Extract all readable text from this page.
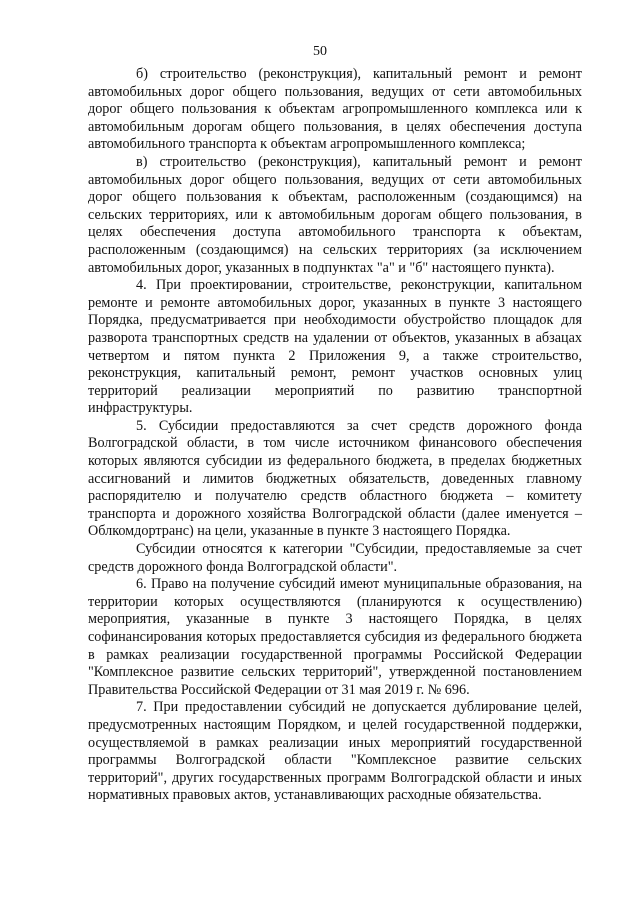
50

б) строительство (реконструкция), капитальный ремонт и ремонт автомобильных дорог общего пользования, ведущих от сети автомобильных дорог общего пользования к объектам агропромышленного комплекса или к автомобильным дорогам общего пользования, в целях обеспечения доступа автомобильного транспорта к объектам агропромышленного комплекса;

в) строительство (реконструкция), капитальный ремонт и ремонт автомобильных дорог общего пользования, ведущих от сети автомобильных дорог общего пользования к объектам, расположенным (создающимся) на сельских территориях, или к автомобильным дорогам общего пользования, в целях обеспечения доступа автомобильного транспорта к объектам, расположенным (создающимся) на сельских территориях (за исключением автомобильных дорог, указанных в подпунктах "а" и "б" настоящего пункта).

4. При проектировании, строительстве, реконструкции, капитальном ремонте и ремонте автомобильных дорог, указанных в пункте 3 настоящего Порядка, предусматривается при необходимости обустройство площадок для разворота транспортных средств на удалении от объектов, указанных в абзацах четвертом и пятом пункта 2 Приложения 9, а также строительство, реконструкция, капитальный ремонт, ремонт участков основных улиц территорий реализации мероприятий по развитию транспортной инфраструктуры.

5. Субсидии предоставляются за счет средств дорожного фонда Волгоградской области, в том числе источником финансового обеспечения которых являются субсидии из федерального бюджета, в пределах бюджетных ассигнований и лимитов бюджетных обязательств, доведенных главному распорядителю и получателю средств областного бюджета – комитету транспорта и дорожного хозяйства Волгоградской области (далее именуется – Облкомдортранс) на цели, указанные в пункте 3 настоящего Порядка.

Субсидии относятся к категории "Субсидии, предоставляемые за счет средств дорожного фонда Волгоградской области".

6. Право на получение субсидий имеют муниципальные образования, на территории которых осуществляются (планируются к осуществлению) мероприятия, указанные в пункте 3 настоящего Порядка, в целях софинансирования которых предоставляется субсидия из федерального бюджета в рамках реализации государственной программы Российской Федерации "Комплексное развитие сельских территорий", утвержденной постановлением Правительства Российской Федерации от 31 мая 2019 г. № 696.

7. При предоставлении субсидий не допускается дублирование целей, предусмотренных настоящим Порядком, и целей государственной поддержки, осуществляемой в рамках реализации иных мероприятий государственной программы Волгоградской области "Комплексное развитие сельских территорий", других государственных программ Волгоградской области и иных нормативных правовых актов, устанавливающих расходные обязательства.
